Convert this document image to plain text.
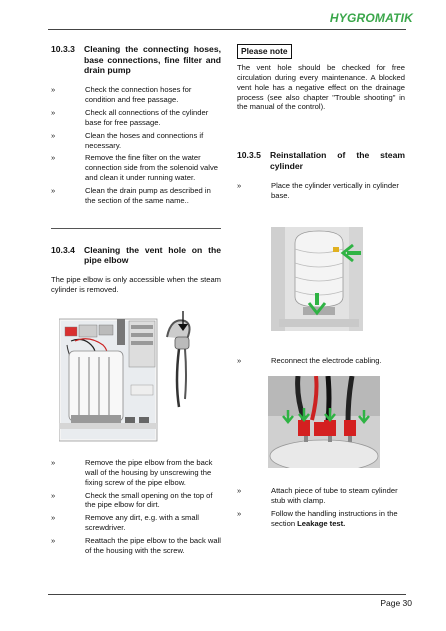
HYGROMATIK
10.3.3	Cleaning the connecting hoses, base connections, fine filter and drain pump
»	Check the connection hoses for condition and free passage.
»	Check all connections of the cylinder base for free passage.
»	Clean the hoses and connections if necessary.
»	Remove the fine filter on the water connection side from the solenoid valve and clean it under running water.
»	Clean the drain pump as described in the section of the same name..
10.3.4	Cleaning the vent hole on the pipe elbow

The pipe elbow is only accessible when the steam cylinder is removed.

»	Remove the pipe elbow from the back wall of the housing by unscrewing the fixing screw of the pipe elbow.
»	Check the small opening on the top of the pipe elbow for dirt.
»	Remove any dirt, e.g. with a small screwdriver.
»	Reattach the pipe elbow to the back wall of the housing with the screw.
Please note

The vent hole should be checked for free circulation during every maintenance. A blocked vent hole has a negative effect on the drainage process (see also chapter "Trouble shooting" in the manual of the control).

10.3.5	Reinstallation of the steam cylinder
»	Place the cylinder vertically in cylinder base.
»	Reconnect the electrode cabling.
»	Attach piece of tube to steam cylinder stub with clamp.
»	Follow the handling instructions in the section Leakage test.
Page 30
